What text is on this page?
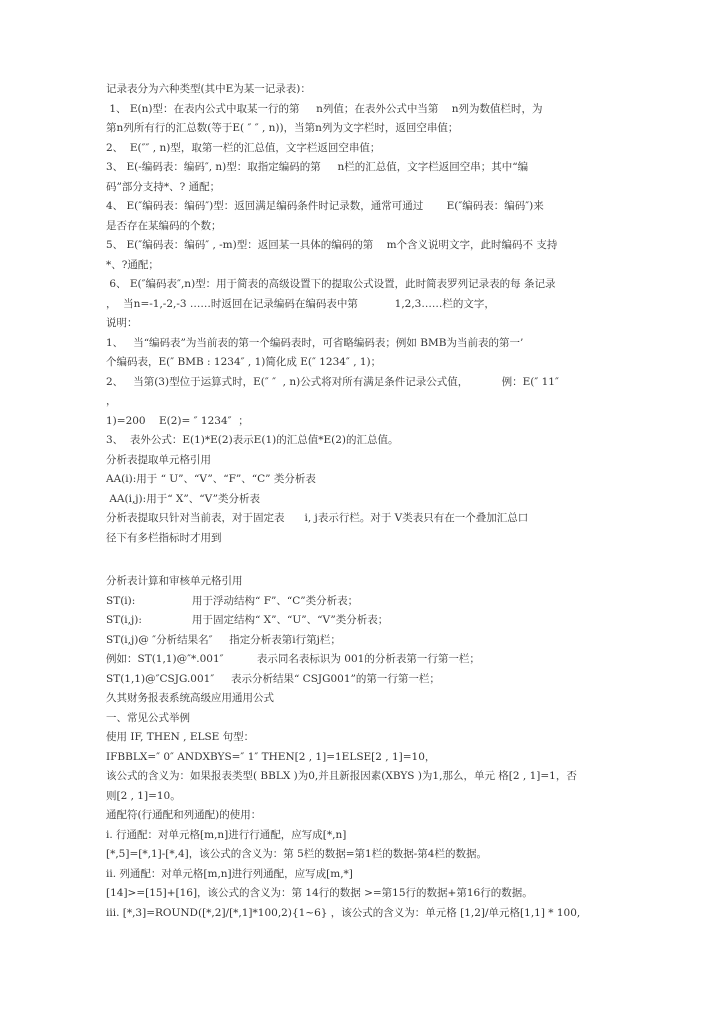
记录表分为六种类型(其中E为某一记录表)：
1、 E(n)型：在表内公式中取某一行的第     n列值；在表外公式中当第    n列为数值栏时，为
第n列所有行的汇总数(等于E( ″ ″ , n))，当第n列为文字栏时，返回空串值；
2、  E(″″ , n)型，取第一栏的汇总值，文字栏返回空串值；
3、 E(-编码表：编码″, n)型：取指定编码的第     n栏的汇总值，文字栏返回空串；其中“编
码”部分支持*、? 通配；
4、 E(″编码表：编码″)型：返回满足编码条件时记录数，通常可通过       E(″编码表：编码″)来
是否存在某编码的个数；
5、 E(″编码表：编码″ , -m)型：返回某一具体的编码的第    m个含义说明文字，此时编码不 支持
*、?通配；
6、 E(″编码表″,n)型：用于简表的高级设置下的提取公式设置，此时简表罗列记录表的每 条记录
，  当n=-1,-2,-3 ……时返回在记录编码在编码表中第           1,2,3……栏的文字，
说明：
1、   当“编码表”为当前表的第一个编码表时，可省略编码表；例如 BMB为当前表的第一’
个编码表，E(″ BMB : 1234″ , 1)简化成 E(″ 1234″ , 1)；
2、   当第(3)型位于运算式时，E(″ ″  , n)公式将对所有满足条件记录公式值，          例：E(″ 11″
，
1)=200    E(2)= ″ 1234″  ；
3、  表外公式：E(1)*E(2)表示E(1)的汇总值*E(2)的汇总值。
分析表提取单元格引用
AA(i):用于 “ U”、“V”、“F”、“C” 类分析表
AA(i,j):用于“ X”、“V”类分析表
分析表提取只针对当前表，对于固定表      i, j表示行栏。对于 V类表只有在一个叠加汇总口
径下有多栏指标时才用到
分析表计算和审核单元格引用
ST(i):                 用于浮动结构“ F”、“C”类分析表；
ST(i,j):               用于固定结构“ X”、“U”、“V”类分析表；
ST(i,j)@ ″分析结果名″     指定分析表第i行第j栏；
例如：ST(1,1)@″*.001″          表示同名表标识为 001的分析表第一行第一栏；
ST(1,1)@″CSJG.001″     表示分析结果“ CSJG001”的第一行第一栏；
久其财务报表系统高级应用通用公式
一、常见公式举例
使用 IF, THEN , ELSE 句型：
IFBBLX=″ 0″ ANDXBYS=″ 1″ THEN[2 , 1]=1ELSE[2 , 1]=10，
该公式的含义为：如果报表类型( BBLX )为0,并且新报因素(XBYS )为1,那么，单元 格[2 , 1]=1，否
则[2 , 1]=10。
通配符(行通配和列通配)的使用：
ⅰ. 行通配：对单元格[m,n]进行行通配，应写成[*,n]
[*,5]=[*,1]-[*,4]，该公式的含义为：第 5栏的数据=第1栏的数据-第4栏的数据。
ⅱ. 列通配：对单元格[m,n]进行列通配，应写成[m,*]
[14]>=[15]+[16]，该公式的含义为：第 14行的数据 >=第15行的数据+第16行的数据。
ⅲ. [*,3]=ROUND([*,2]/[*,1]*100,2){1~6} ，该公式的含义为：单元格 [1,2]/单元格[1,1] * 100,
